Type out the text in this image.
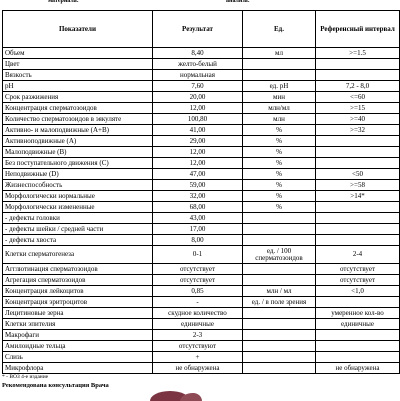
материала:	анализа:
Показатели	Результат	Ед.	Референсный интервал
Объем	8,40	мл	>=1.5
Цвет	желто-белый		
Вязкость	нормальная		
pH	7,60	ед. pH	7,2 - 8,0
Срок разжижения	20,00	мин	<=60
Концентрация сперматозоидов	12,00	млн/мл	>=15
Количество сперматозоидов в эякуляте	100,80	млн	>=40
Активно- и малоподвижные (A+B)	41,00	%	>=32
Активноподвижные (A)	29,00	%	
Малоподвижные (B)	12,00	%	
Без поступательного движения (C)	12,00	%	
Неподвижные (D)	47,00	%	<50
Жизнеспособность	59,00	%	>=58
Морфологически нормальные	32,00	%	>14*
Морфологически измененные	68,00	%	
- дефекты головки	43,00		
- дефекты шейки / средней части	17,00		
- дефекты хвоста	8,00		
Клетки сперматогенеза	0-1	ед. / 100 сперматозоидов	2-4
Агглютинация сперматозоидов	отсутствует		отсутствует
Агрегация сперматозоидов	отсутствует		отсутствует
Концентрация лейкоцитов	0,85	млн / мл	<1,0
Концентрация эритроцитов	-	ед. / в поле зрения	
Лецитиновые зерна	скудное количество		умеренное кол-во
Клетки эпителия	единичные		единичные
Макрофаги	2-3		
Амилоидные тельца	отсутствуют		
Слизь	+		
Микрофлора	не обнаружена		не обнаружена
* - ВОЗ 4-е издание
Рекомендована консультация Врача
